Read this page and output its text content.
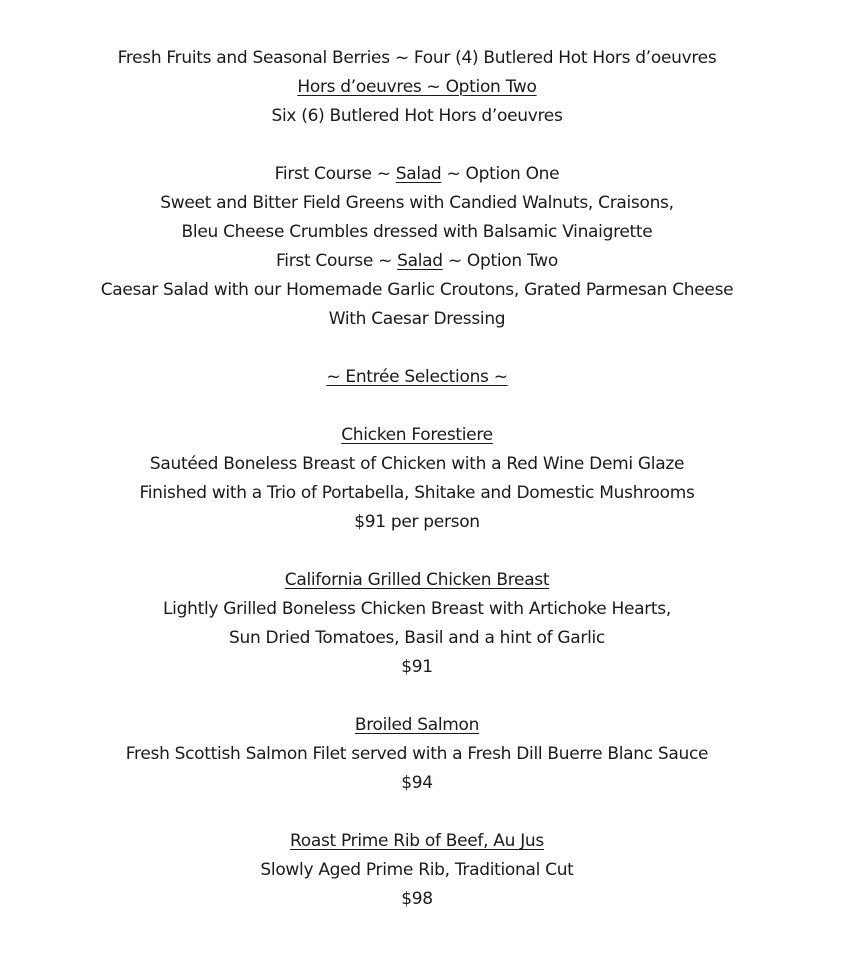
Fresh Fruits and Seasonal Berries ~ Four (4) Butlered Hot Hors d’oeuvres
Hors d’oeuvres ~ Option Two
Six (6) Butlered Hot Hors d’oeuvres
First Course ~ Salad ~ Option One
Sweet and Bitter Field Greens with Candied Walnuts, Craisons,
Bleu Cheese Crumbles dressed with Balsamic Vinaigrette
First Course ~ Salad ~ Option Two
Caesar Salad with our Homemade Garlic Croutons, Grated Parmesan Cheese
With Caesar Dressing
~ Entrée Selections ~
Chicken Forestiere
Sautéed Boneless Breast of Chicken with a Red Wine Demi Glaze
Finished with a Trio of Portabella, Shitake and Domestic Mushrooms
$91 per person
California Grilled Chicken Breast
Lightly Grilled Boneless Chicken Breast with Artichoke Hearts,
Sun Dried Tomatoes, Basil and a hint of Garlic
$91
Broiled Salmon
Fresh Scottish Salmon Filet served with a Fresh Dill Buerre Blanc Sauce
$94
Roast Prime Rib of Beef, Au Jus
Slowly Aged Prime Rib, Traditional Cut
$98
